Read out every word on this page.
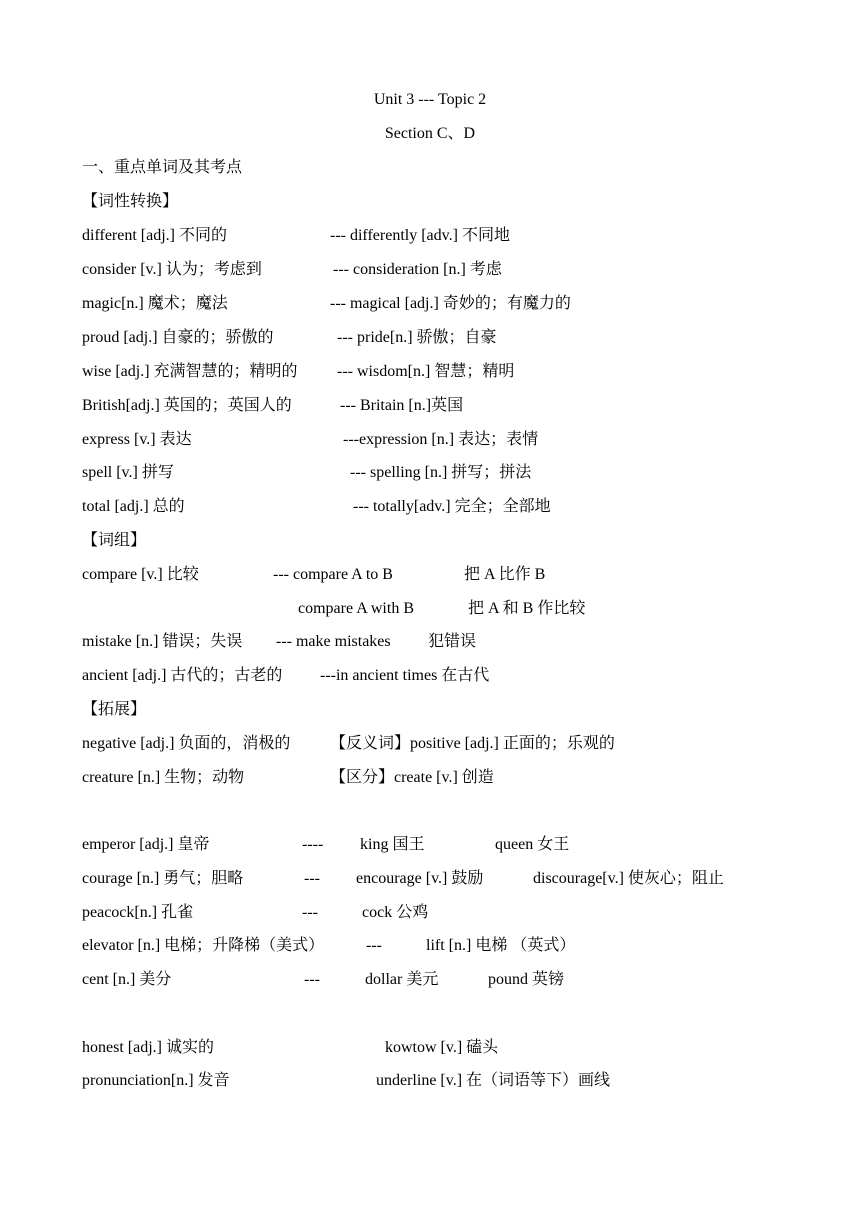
Unit 3 --- Topic 2
Section C、D
一、重点单词及其考点
【词性转换】
different [adj.] 不同的	--- differently [adv.] 不同地
consider [v.] 认为；考虑到	--- consideration [n.] 考虑
magic[n.] 魔术；魔法	--- magical [adj.] 奇妙的；有魔力的
proud [adj.] 自豪的；骄傲的	--- pride[n.] 骄傲；自豪
wise [adj.] 充满智慧的；精明的 --- wisdom[n.] 智慧；精明
British[adj.] 英国的；英国人的	--- Britain [n.]英国
express [v.] 表达	---expression [n.] 表达；表情
spell [v.] 拼写	--- spelling [n.] 拼写；拼法
total [adj.] 总的	--- totally[adv.] 完全；全部地
【词组】
compare [v.] 比较	--- compare A to B	把 A 比作 B
compare A with B	把 A 和 B 作比较
mistake [n.] 错误；失误 --- make mistakes 犯错误
ancient [adj.] 古代的；古老的 ---in ancient times 在古代
【拓展】
negative [adj.] 负面的，消极的 【反义词】positive [adj.] 正面的；乐观的
creature [n.] 生物；动物	【区分】create [v.] 创造
emperor [adj.] 皇帝	---- king 国王	queen 女王
courage [n.] 勇气；胆略	--- encourage [v.] 鼓励	discourage[v.] 使灰心；阻止
peacock[n.] 孔雀	---	cock 公鸡
elevator [n.] 电梯；升降梯（美式）	---	lift [n.] 电梯 （英式）
cent [n.] 美分	---	dollar 美元	pound 英镑
honest [adj.] 诚实的	kowtow [v.] 磕头
pronunciation[n.] 发音	underline [v.] 在（词语等下）画线
